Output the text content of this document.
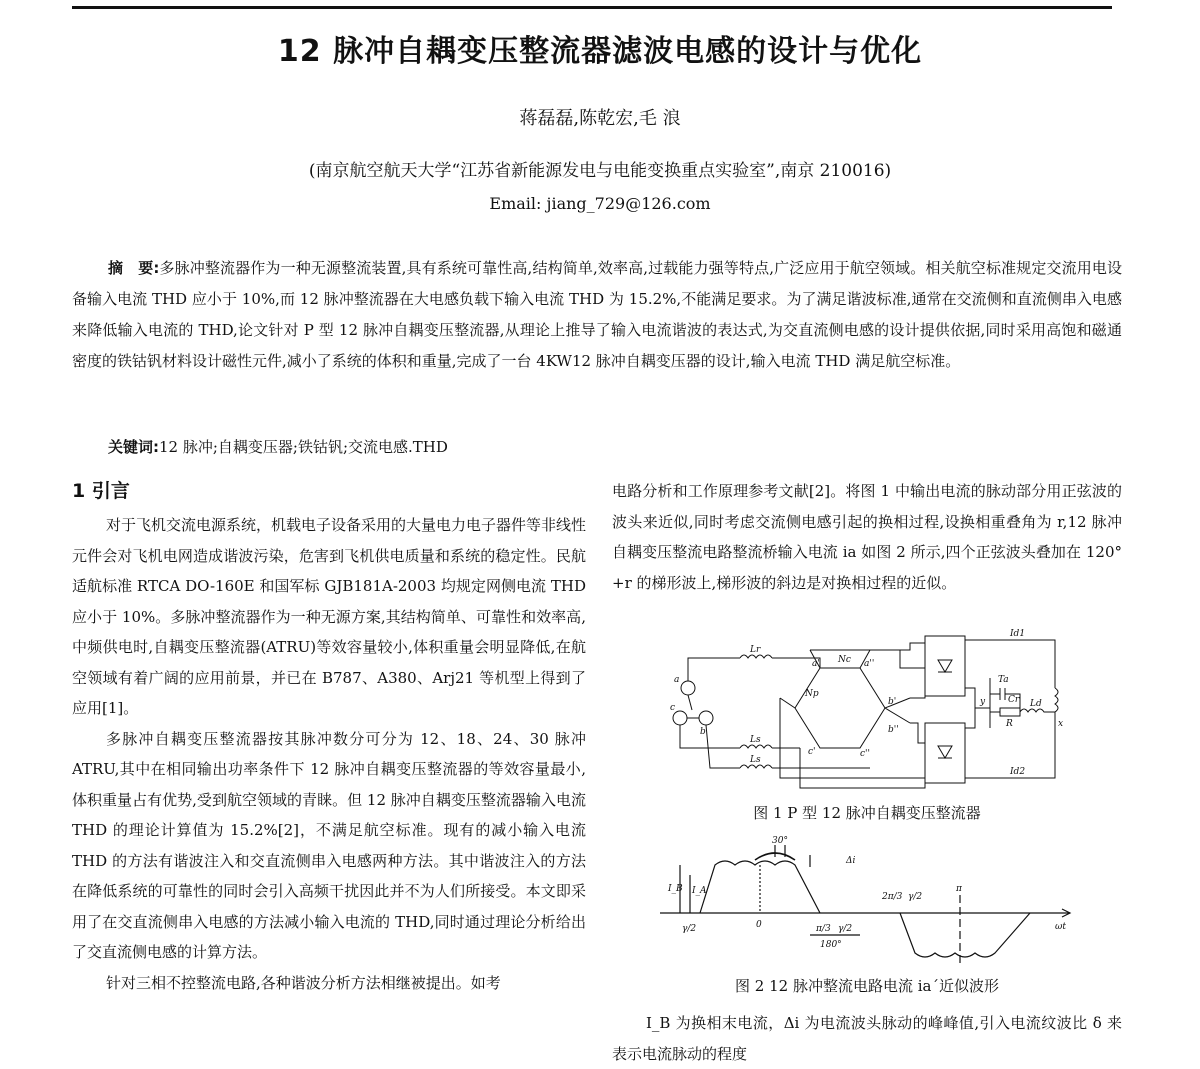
12 脉冲自耦变压整流器滤波电感的设计与优化
蒋磊磊,陈乾宏,毛 浪
(南京航空航天大学“江苏省新能源发电与电能变换重点实验室”,南京 210016)
Email: jiang_729@126.com
摘　要:多脉冲整流器作为一种无源整流装置,具有系统可靠性高,结构简单,效率高,过载能力强等特点,广泛应用于航空领域。相关航空标准规定交流用电设备输入电流 THD 应小于 10%,而 12 脉冲整流器在大电感负载下输入电流 THD 为 15.2%,不能满足要求。为了满足谐波标准,通常在交流侧和直流侧串入电感来降低输入电流的 THD,论文针对 P 型 12 脉冲自耦变压整流器,从理论上推导了输入电流谐波的表达式,为交直流侧电感的设计提供依据,同时采用高饱和磁通密度的铁钴钒材料设计磁性元件,减小了系统的体积和重量,完成了一台 4KW12 脉冲自耦变压器的设计,输入电流 THD 满足航空标准。
关键词:12 脉冲;自耦变压器;铁钴钒;交流电感.THD
1 引言

对于飞机交流电源系统，机载电子设备采用的大量电力电子器件等非线性元件会对飞机电网造成谐波污染，危害到飞机供电质量和系统的稳定性。民航适航标准 RTCA DO-160E 和国军标 GJB181A-2003 均规定网侧电流 THD 应小于 10%。多脉冲整流器作为一种无源方案,其结构简单、可靠性和效率高,中频供电时,自耦变压整流器(ATRU)等效容量较小,体积重量会明显降低,在航空领域有着广阔的应用前景，并已在 B787、A380、Arj21 等机型上得到了应用[1]。

多脉冲自耦变压整流器按其脉冲数分可分为 12、18、24、30 脉冲 ATRU,其中在相同输出功率条件下 12 脉冲自耦变压整流器的等效容量最小,体积重量占有优势,受到航空领域的青睐。但 12 脉冲自耦变压整流器输入电流 THD 的理论计算值为 15.2%[2]，不满足航空标准。现有的减小输入电流 THD 的方法有谐波注入和交直流侧串入电感两种方法。其中谐波注入的方法在降低系统的可靠性的同时会引入高频干扰因此并不为人们所接受。本文即采用了在交直流侧串入电感的方法减小输入电流的 THD,同时通过理论分析给出了交直流侧电感的计算方法。

针对三相不控整流电路,各种谐波分析方法相继被提出。如考

电路分析和工作原理参考文献[2]。将图 1 中输出电流的脉动部分用正弦波的波头来近似,同时考虑交流侧电感引起的换相过程,设换相重叠角为 r,12 脉冲自耦变压整流电路整流桥输入电流 ia 如图 2 所示,四个正弦波头叠加在 120°+r 的梯形波上,梯形波的斜边是对换相过程的近似。

I_B 为换相末电流，Δi 为电流波头脉动的峰峰值,引入电流纹波比 δ 来表示电流脉动的程度

Lr
Ls
Ls
Np
Nc
a
b
c
a'
b'
c'
a''
b''
c''
Id1
Id2
Ta
Cr
R
Ld
x
y
图 1 P 型 12 脉冲自耦变压整流器
30°
Δi
I_B I_A
γ/2	0	π/3 γ/2
2π/3 γ/2
π
180°
ωt
图 2 12 脉冲整流电路电流 ia´近似波形
